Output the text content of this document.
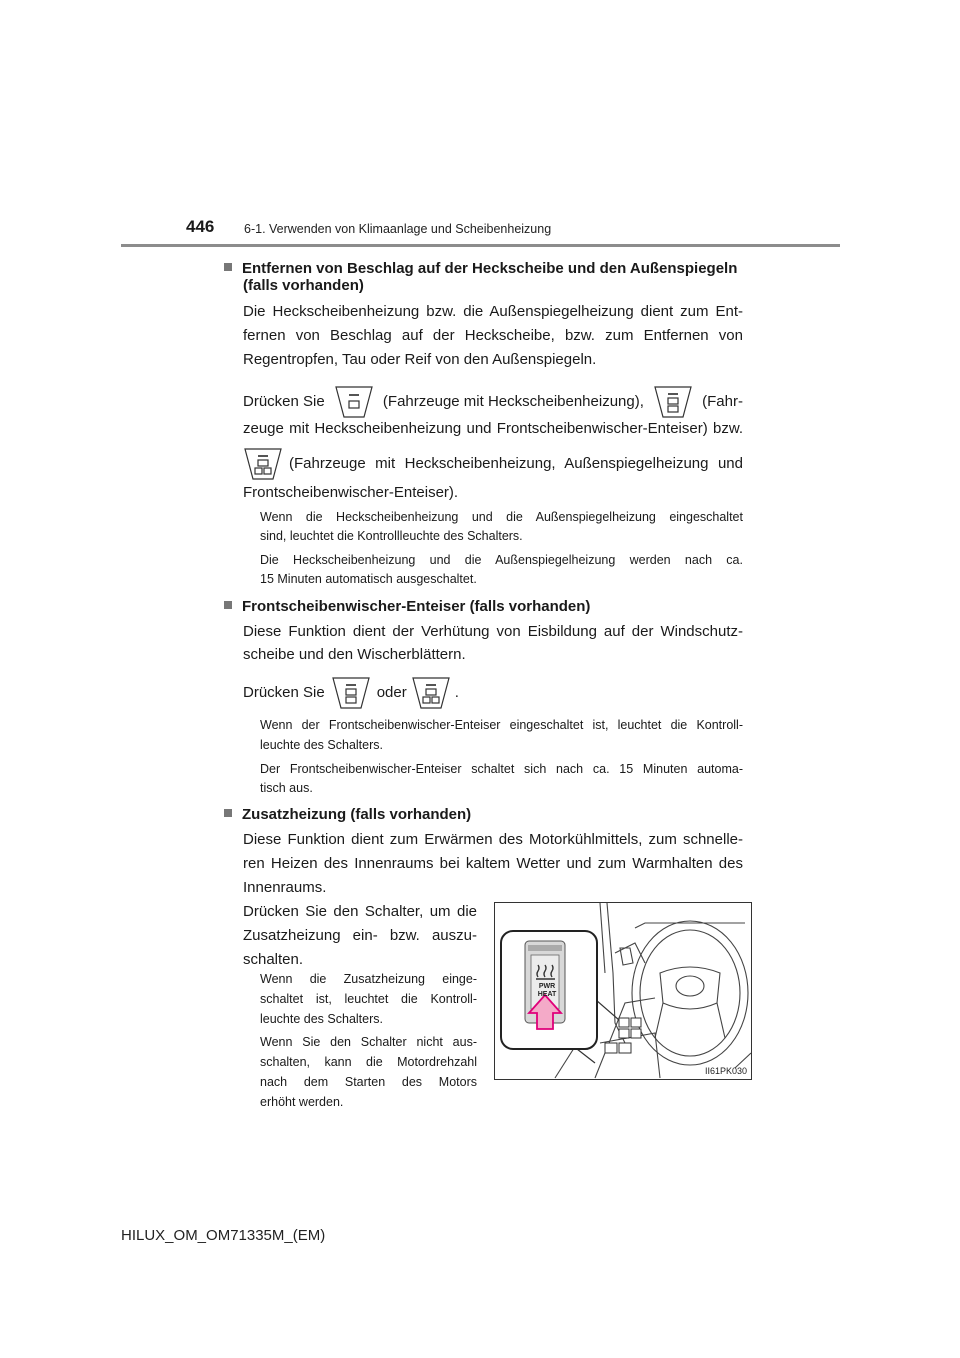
446 6-1. Verwenden von Klimaanlage und Scheibenheizung
Entfernen von Beschlag auf der Heckscheibe und den Außenspiegeln
(falls vorhanden)
Die Heckscheibenheizung bzw. die Außenspiegelheizung dient zum Ent-
fernen von Beschlag auf der Heckscheibe, bzw. zum Entfernen von
Regentropfen, Tau oder Reif von den Außenspiegeln.
Drücken Sie	(Fahrzeuge mit Heckscheibenheizung),	(Fahr-
zeuge mit Heckscheibenheizung und Frontscheibenwischer-Enteiser) bzw.
(Fahrzeuge mit Heckscheibenheizung, Außenspiegelheizung und
Frontscheibenwischer-Enteiser).
Wenn die Heckscheibenheizung und die Außenspiegelheizung eingeschaltet
sind, leuchtet die Kontrollleuchte des Schalters.
Die Heckscheibenheizung und die Außenspiegelheizung werden nach ca.
15 Minuten automatisch ausgeschaltet.
Frontscheibenwischer-Enteiser (falls vorhanden)
Diese Funktion dient der Verhütung von Eisbildung auf der Windschutz-
scheibe und den Wischerblättern.
Drücken Sie	oder	.
Wenn der Frontscheibenwischer-Enteiser eingeschaltet ist, leuchtet die Kontroll-
leuchte des Schalters.
Der Frontscheibenwischer-Enteiser schaltet sich nach ca. 15 Minuten automa-
tisch aus.
Zusatzheizung (falls vorhanden)
Diese Funktion dient zum Erwärmen des Motorkühlmittels, zum schnelle-
ren Heizen des Innenraums bei kaltem Wetter und zum Warmhalten des
Innenraums.
Drücken Sie den Schalter, um die
Zusatzheizung ein- bzw. auszu-
schalten.
Wenn die Zusatzheizung einge-
schaltet ist, leuchtet die Kontroll-
leuchte des Schalters.
Wenn Sie den Schalter nicht aus-
schalten, kann die Motordrehzahl
nach dem Starten des Motors
erhöht werden.
PWR
HEAT
II61PK030
HILUX_OM_OM71335M_(EM)
